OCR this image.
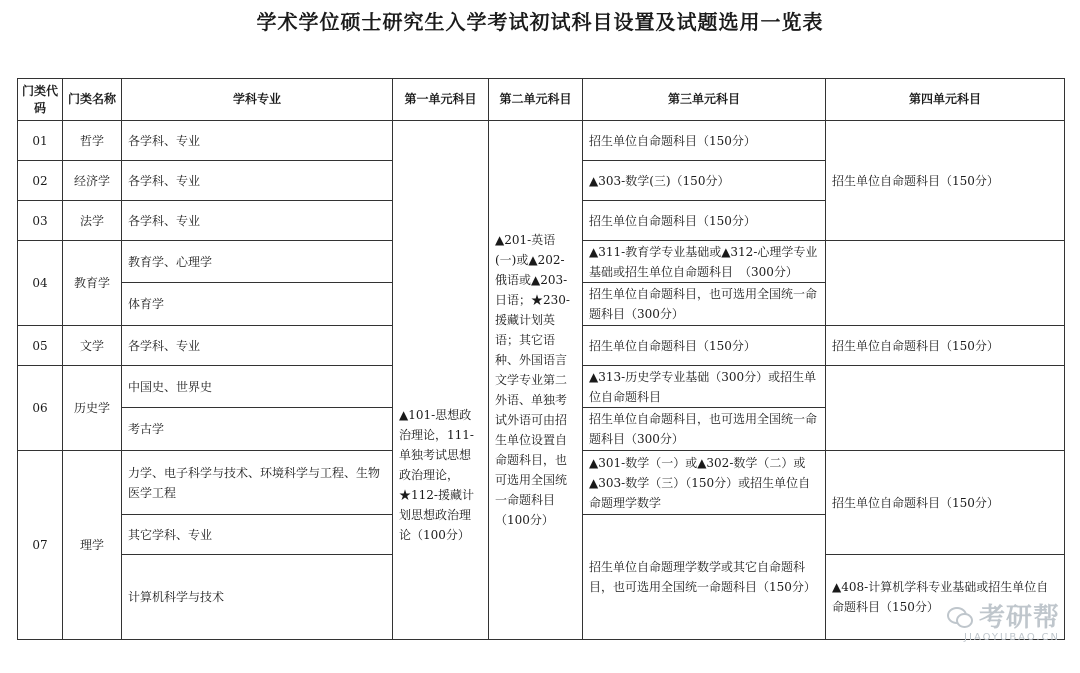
学术学位硕士研究生入学考试初试科目设置及试题选用一览表
门类代码	门类名称	学科专业	第一单元科目	第二单元科目	第三单元科目	第四单元科目
01	哲学	各学科、专业	▲101-思想政治理论，111-单独考试思想政治理论，★112-援藏计划思想政治理论（100分）	▲201-英语(一)或▲202-俄语或▲203-日语；★230-援藏计划英语；其它语种、外国语言文学专业第二外语、单独考试外语可由招生单位设置自命题科目，也可选用全国统一命题科目（100分）	招生单位自命题科目（150分）	招生单位自命题科目（150分）
02	经济学	各学科、专业			▲303-数学(三)（150分）	
03	法学	各学科、专业			招生单位自命题科目（150分）	
04	教育学	教育学、心理学			▲311-教育学专业基础或▲312-心理学专业基础或招生单位自命题科目　（300分）	
		体育学			招生单位自命题科目，也可选用全国统一命题科目（300分）	
05	文学	各学科、专业			招生单位自命题科目（150分）	招生单位自命题科目（150分）
06	历史学	中国史、世界史			▲313-历史学专业基础（300分）或招生单位自命题科目	
		考古学			招生单位自命题科目，也可选用全国统一命题科目（300分）	
07	理学	力学、电子科学与技术、环境科学与工程、生物医学工程			▲301-数学（一）或▲302-数学（二）或▲303-数学（三）（150分）或招生单位自命题理学数学	招生单位自命题科目（150分）
		其它学科、专业			招生单位自命题理学数学或其它自命题科目，也可选用全国统一命题科目（150分）	
		计算机科学与技术				▲408-计算机学科专业基础或招生单位自命题科目（150分） 考研帮
JIAOYUBAO.CN
